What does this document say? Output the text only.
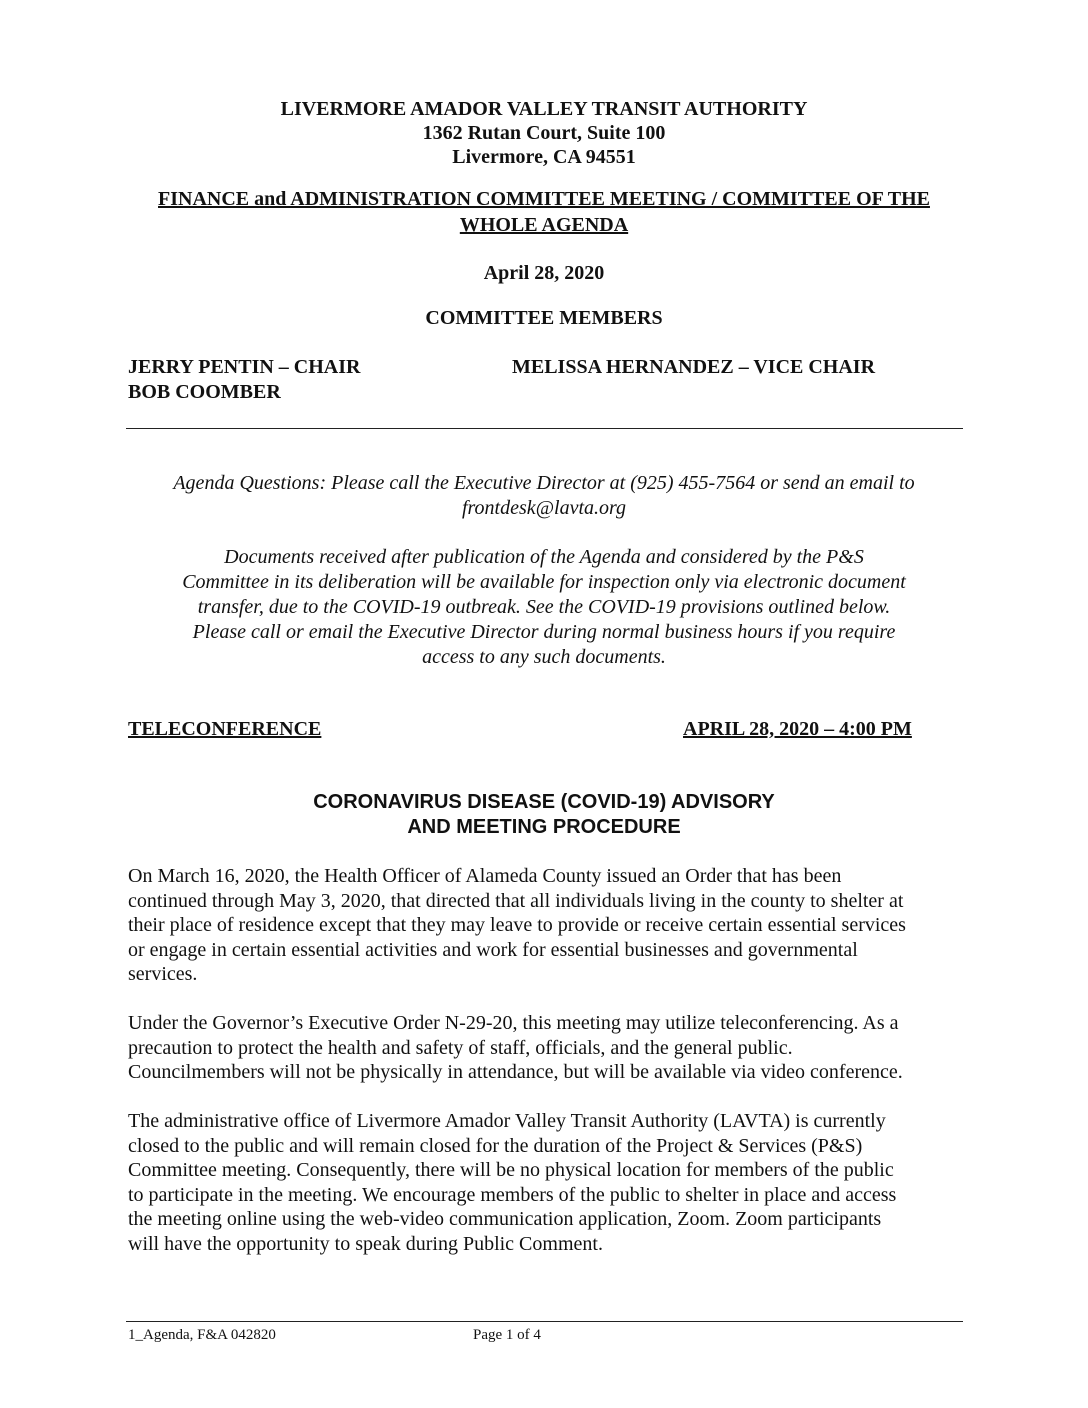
LIVERMORE AMADOR VALLEY TRANSIT AUTHORITY
1362 Rutan Court, Suite 100
Livermore, CA 94551
FINANCE and ADMINISTRATION COMMITTEE MEETING / COMMITTEE OF THE WHOLE AGENDA
April 28, 2020
COMMITTEE MEMBERS
JERRY PENTIN – CHAIR	MELISSA HERNANDEZ – VICE CHAIR
BOB COOMBER
Agenda Questions: Please call the Executive Director at (925) 455-7564 or send an email to
frontdesk@lavta.org
Documents received after publication of the Agenda and considered by the P&S
Committee in its deliberation will be available for inspection only via electronic document
transfer, due to the COVID-19 outbreak. See the COVID-19 provisions outlined below.
Please call or email the Executive Director during normal business hours if you require
access to any such documents.
TELECONFERENCE	APRIL 28, 2020 – 4:00 PM
CORONAVIRUS DISEASE (COVID-19) ADVISORY
AND MEETING PROCEDURE
On March 16, 2020, the Health Officer of Alameda County issued an Order that has been
continued through May 3, 2020, that directed that all individuals living in the county to shelter at
their place of residence except that they may leave to provide or receive certain essential services
or engage in certain essential activities and work for essential businesses and governmental
services.
Under the Governor’s Executive Order N-29-20, this meeting may utilize teleconferencing. As a
precaution to protect the health and safety of staff, officials, and the general public.
Councilmembers will not be physically in attendance, but will be available via video conference.
The administrative office of Livermore Amador Valley Transit Authority (LAVTA) is currently
closed to the public and will remain closed for the duration of the Project & Services (P&S)
Committee meeting. Consequently, there will be no physical location for members of the public
to participate in the meeting. We encourage members of the public to shelter in place and access
the meeting online using the web-video communication application, Zoom. Zoom participants
will have the opportunity to speak during Public Comment.
1_Agenda, F&A 042820	Page 1 of 4
